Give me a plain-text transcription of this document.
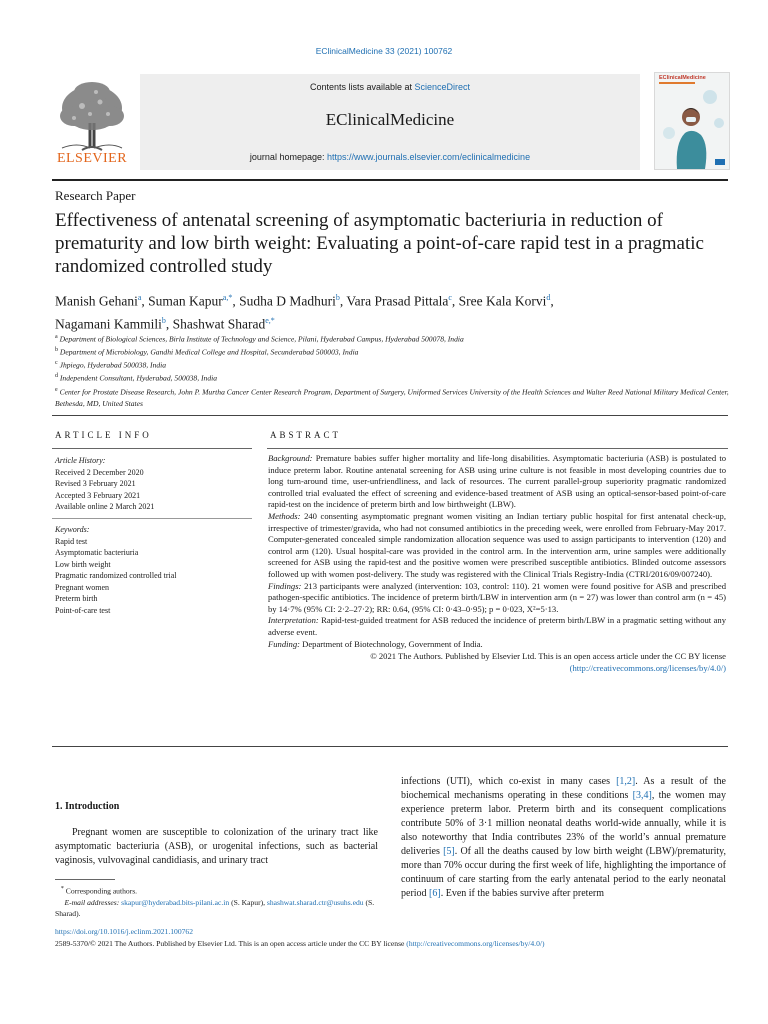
EClinicalMedicine 33 (2021) 100762
ELSEVIER
Contents lists available at ScienceDirect
EClinicalMedicine
journal homepage: https://www.journals.elsevier.com/eclinicalmedicine
EClinicalMedicine
Research Paper
Effectiveness of antenatal screening of asymptomatic bacteriuria in reduction of prematurity and low birth weight: Evaluating a point-of-care rapid test in a pragmatic randomized controlled study
Manish Gehani$^a$, Suman Kapur$^{a,*}$, Sudha D Madhuri$^b$, Vara Prasad Pittala$^c$, Sree Kala Korvi$^d$,
Nagamani Kammili$^b$, Shashwat Sharad$^{e,*}$
$^a$ Department of Biological Sciences, Birla Institute of Technology and Science, Pilani, Hyderabad Campus, Hyderabad 500078, India
$^b$ Department of Microbiology, Gandhi Medical College and Hospital, Secunderabad 500003, India
$^c$ Jhpiego, Hyderabad 500038, India
$^d$ Independent Consultant, Hyderabad, 500038, India
$^e$ Center for Prostate Disease Research, John P. Murtha Cancer Center Research Program, Department of Surgery, Uniformed Services University of the Health Sciences and Walter Reed National Military Medical Center, Bethesda, MD, United States
ARTICLE INFO	ABSTRACT
Article History:
Received 2 December 2020
Revised 3 February 2021
Accepted 3 February 2021
Available online 2 March 2021
Keywords:
Rapid test
Asymptomatic bacteriuria
Low birth weight
Pragmatic randomized controlled trial
Pregnant women
Preterm birth
Point-of-care test

Background: Premature babies suffer higher mortality and life-long disabilities. Asymptomatic bacteriuria (ASB) is postulated to induce preterm labor. Routine antenatal screening for ASB using urine culture is not feasible in most developing countries due to long turn-around time, user-unfriendliness, and lack of resources. The current parallel-group superiority pragmatic randomized controlled trial evaluated the effect of screening and evidence-based treatment of ASB using an optical-sensor-based point-of-care rapid-test on the incidence of preterm birth and low birthweight (LBW).

Methods: 240 consenting asymptomatic pregnant women visiting an Indian tertiary public hospital for first antenatal check-up, irrespective of trimester/gravida, who had not consumed antibiotics in the preceding week, were enrolled from February-May 2017. Computer-generated concealed simple randomization allocation sequence was used to assign participants to intervention (120) and control arm (120). Usual hospital-care was provided in the control arm. In the intervention arm, urine samples were additionally screened for ASB using the rapid-test and the positive women were prescribed susceptible antibiotics. Blinded outcome assessors followed up with women post-delivery. The study was registered with the Clinical Trials Registry-India (CTRI/2016/09/007240).

Findings: 213 participants were analyzed (intervention: 103, control: 110). 21 women were found positive for ASB and prescribed pathogen-specific antibiotics. The incidence of preterm birth/LBW in intervention arm (n = 27) was lower than control arm (n = 45) by 14·7% (95% CI: 2·2–27·2); RR: 0.64, (95% CI: 0·43–0·95); p = 0·023, X²=5·13.

Interpretation: Rapid-test-guided treatment for ASB reduced the incidence of preterm birth/LBW in a pragmatic setting without any adverse event.

Funding: Department of Biotechnology, Government of India.

© 2021 The Authors. Published by Elsevier Ltd. This is an open access article under the CC BY license
(http://creativecommons.org/licenses/by/4.0/)

1. Introduction

Pregnant women are susceptible to colonization of the urinary tract like asymptomatic bacteriuria (ASB), or urogenital infections, such as bacterial vaginosis, vulvovaginal candidiasis, and urinary tract

infections (UTI), which co-exist in many cases [1,2]. As a result of the biochemical mechanisms operating in these conditions [3,4], the women may experience preterm labor. Preterm birth and its consequent complications contribute 50% of 3·1 million neonatal deaths world-wide annually, while it is also noteworthy that India contributes 23% of the world’s annual premature deliveries [5]. Of all the deaths caused by low birth weight (LBW)/prematurity, more than 70% occur during the first week of life, highlighting the importance of continuum of care starting from the early antenatal period to the early neonatal period [6]. Even if the babies survive after preterm

* Corresponding authors.

E-mail addresses: skapur@hyderabad.bits-pilani.ac.in (S. Kapur), shashwat.sharad.ctr@usuhs.edu (S. Sharad).

https://doi.org/10.1016/j.eclinm.2021.100762
2589-5370/© 2021 The Authors. Published by Elsevier Ltd. This is an open access article under the CC BY license (http://creativecommons.org/licenses/by/4.0/)
